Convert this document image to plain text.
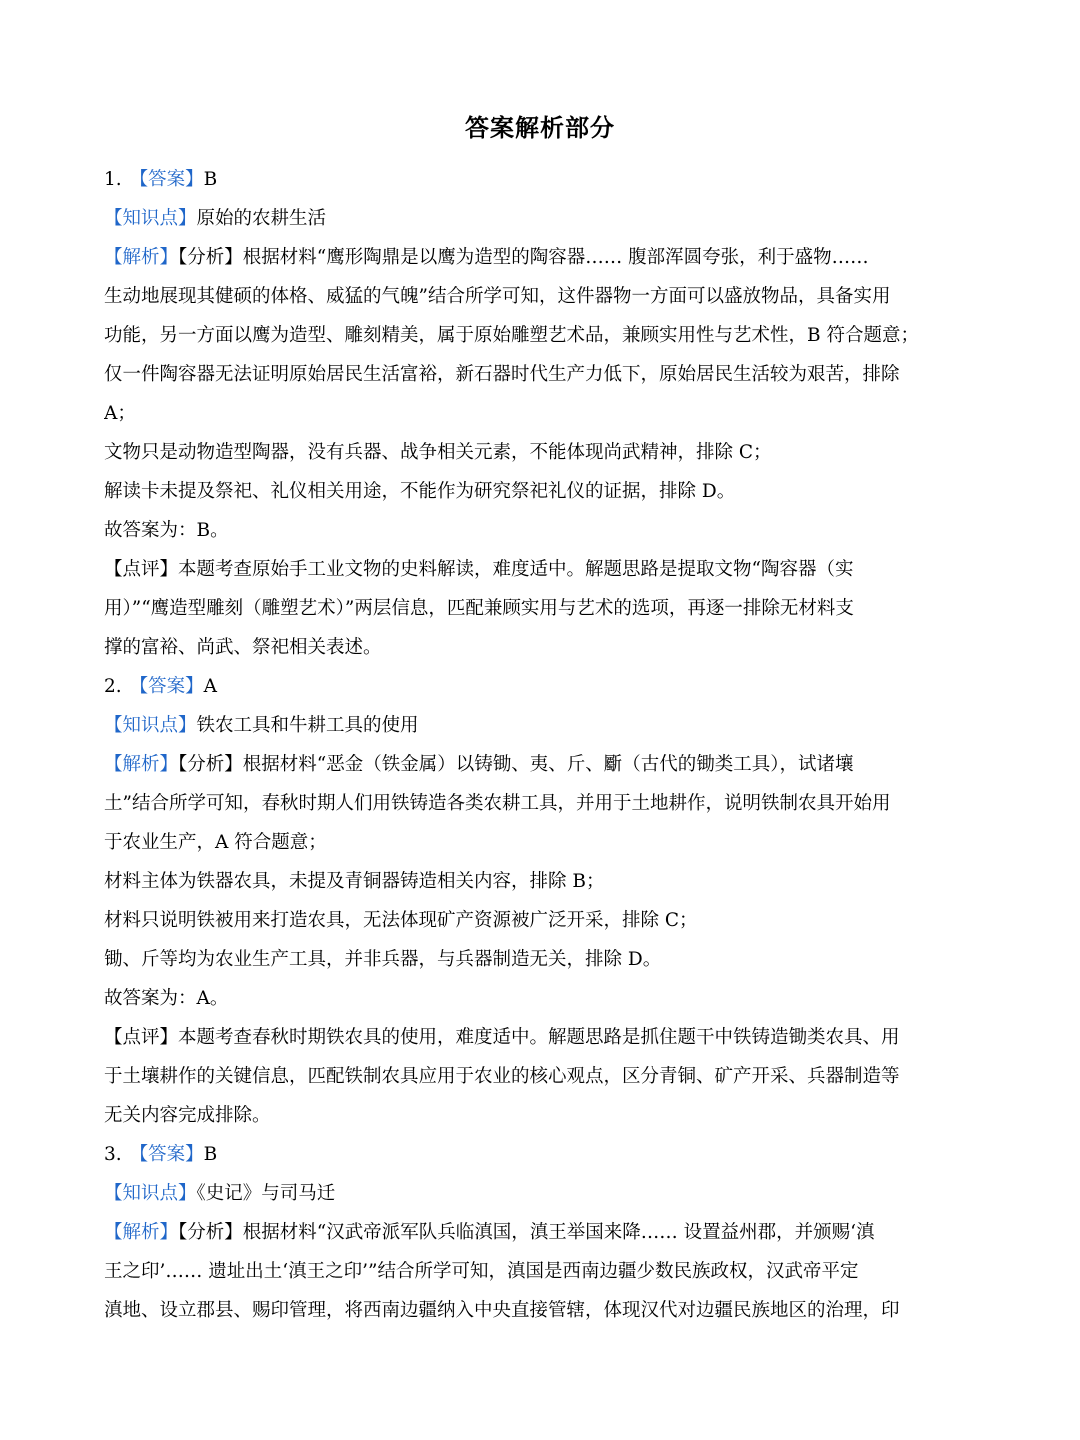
答案解析部分
1. 【答案】B
【知识点】原始的农耕生活
【解析】【分析】根据材料“鹰形陶鼎是以鹰为造型的陶容器…… 腹部浑圆夸张，利于盛物……
生动地展现其健硕的体格、威猛的气魄”结合所学可知，这件器物一方面可以盛放物品，具备实用
功能，另一方面以鹰为造型、雕刻精美，属于原始雕塑艺术品，兼顾实用性与艺术性，B 符合题意；
仅一件陶容器无法证明原始居民生活富裕，新石器时代生产力低下，原始居民生活较为艰苦，排除
A；
文物只是动物造型陶器，没有兵器、战争相关元素，不能体现尚武精神，排除 C；
解读卡未提及祭祀、礼仪相关用途，不能作为研究祭祀礼仪的证据，排除 D。
故答案为：B。
【点评】本题考查原始手工业文物的史料解读，难度适中。解题思路是提取文物“陶容器（实
用）”“鹰造型雕刻（雕塑艺术）”两层信息，匹配兼顾实用与艺术的选项，再逐一排除无材料支
撑的富裕、尚武、祭祀相关表述。
2. 【答案】A
【知识点】铁农工具和牛耕工具的使用
【解析】【分析】根据材料“恶金（铁金属）以铸锄、夷、斤、斸（古代的锄类工具），试诸壤
土”结合所学可知，春秋时期人们用铁铸造各类农耕工具，并用于土地耕作，说明铁制农具开始用
于农业生产，A 符合题意；
材料主体为铁器农具，未提及青铜器铸造相关内容，排除 B；
材料只说明铁被用来打造农具，无法体现矿产资源被广泛开采，排除 C；
锄、斤等均为农业生产工具，并非兵器，与兵器制造无关，排除 D。
故答案为：A。
【点评】本题考查春秋时期铁农具的使用，难度适中。解题思路是抓住题干中铁铸造锄类农具、用
于土壤耕作的关键信息，匹配铁制农具应用于农业的核心观点，区分青铜、矿产开采、兵器制造等
无关内容完成排除。
3. 【答案】B
【知识点】《史记》与司马迁
【解析】【分析】根据材料“汉武帝派军队兵临滇国，滇王举国来降…… 设置益州郡，并颁赐‘滇
王之印’…… 遗址出土‘滇王之印’”结合所学可知，滇国是西南边疆少数民族政权，汉武帝平定
滇地、设立郡县、赐印管理，将西南边疆纳入中央直接管辖，体现汉代对边疆民族地区的治理，印
